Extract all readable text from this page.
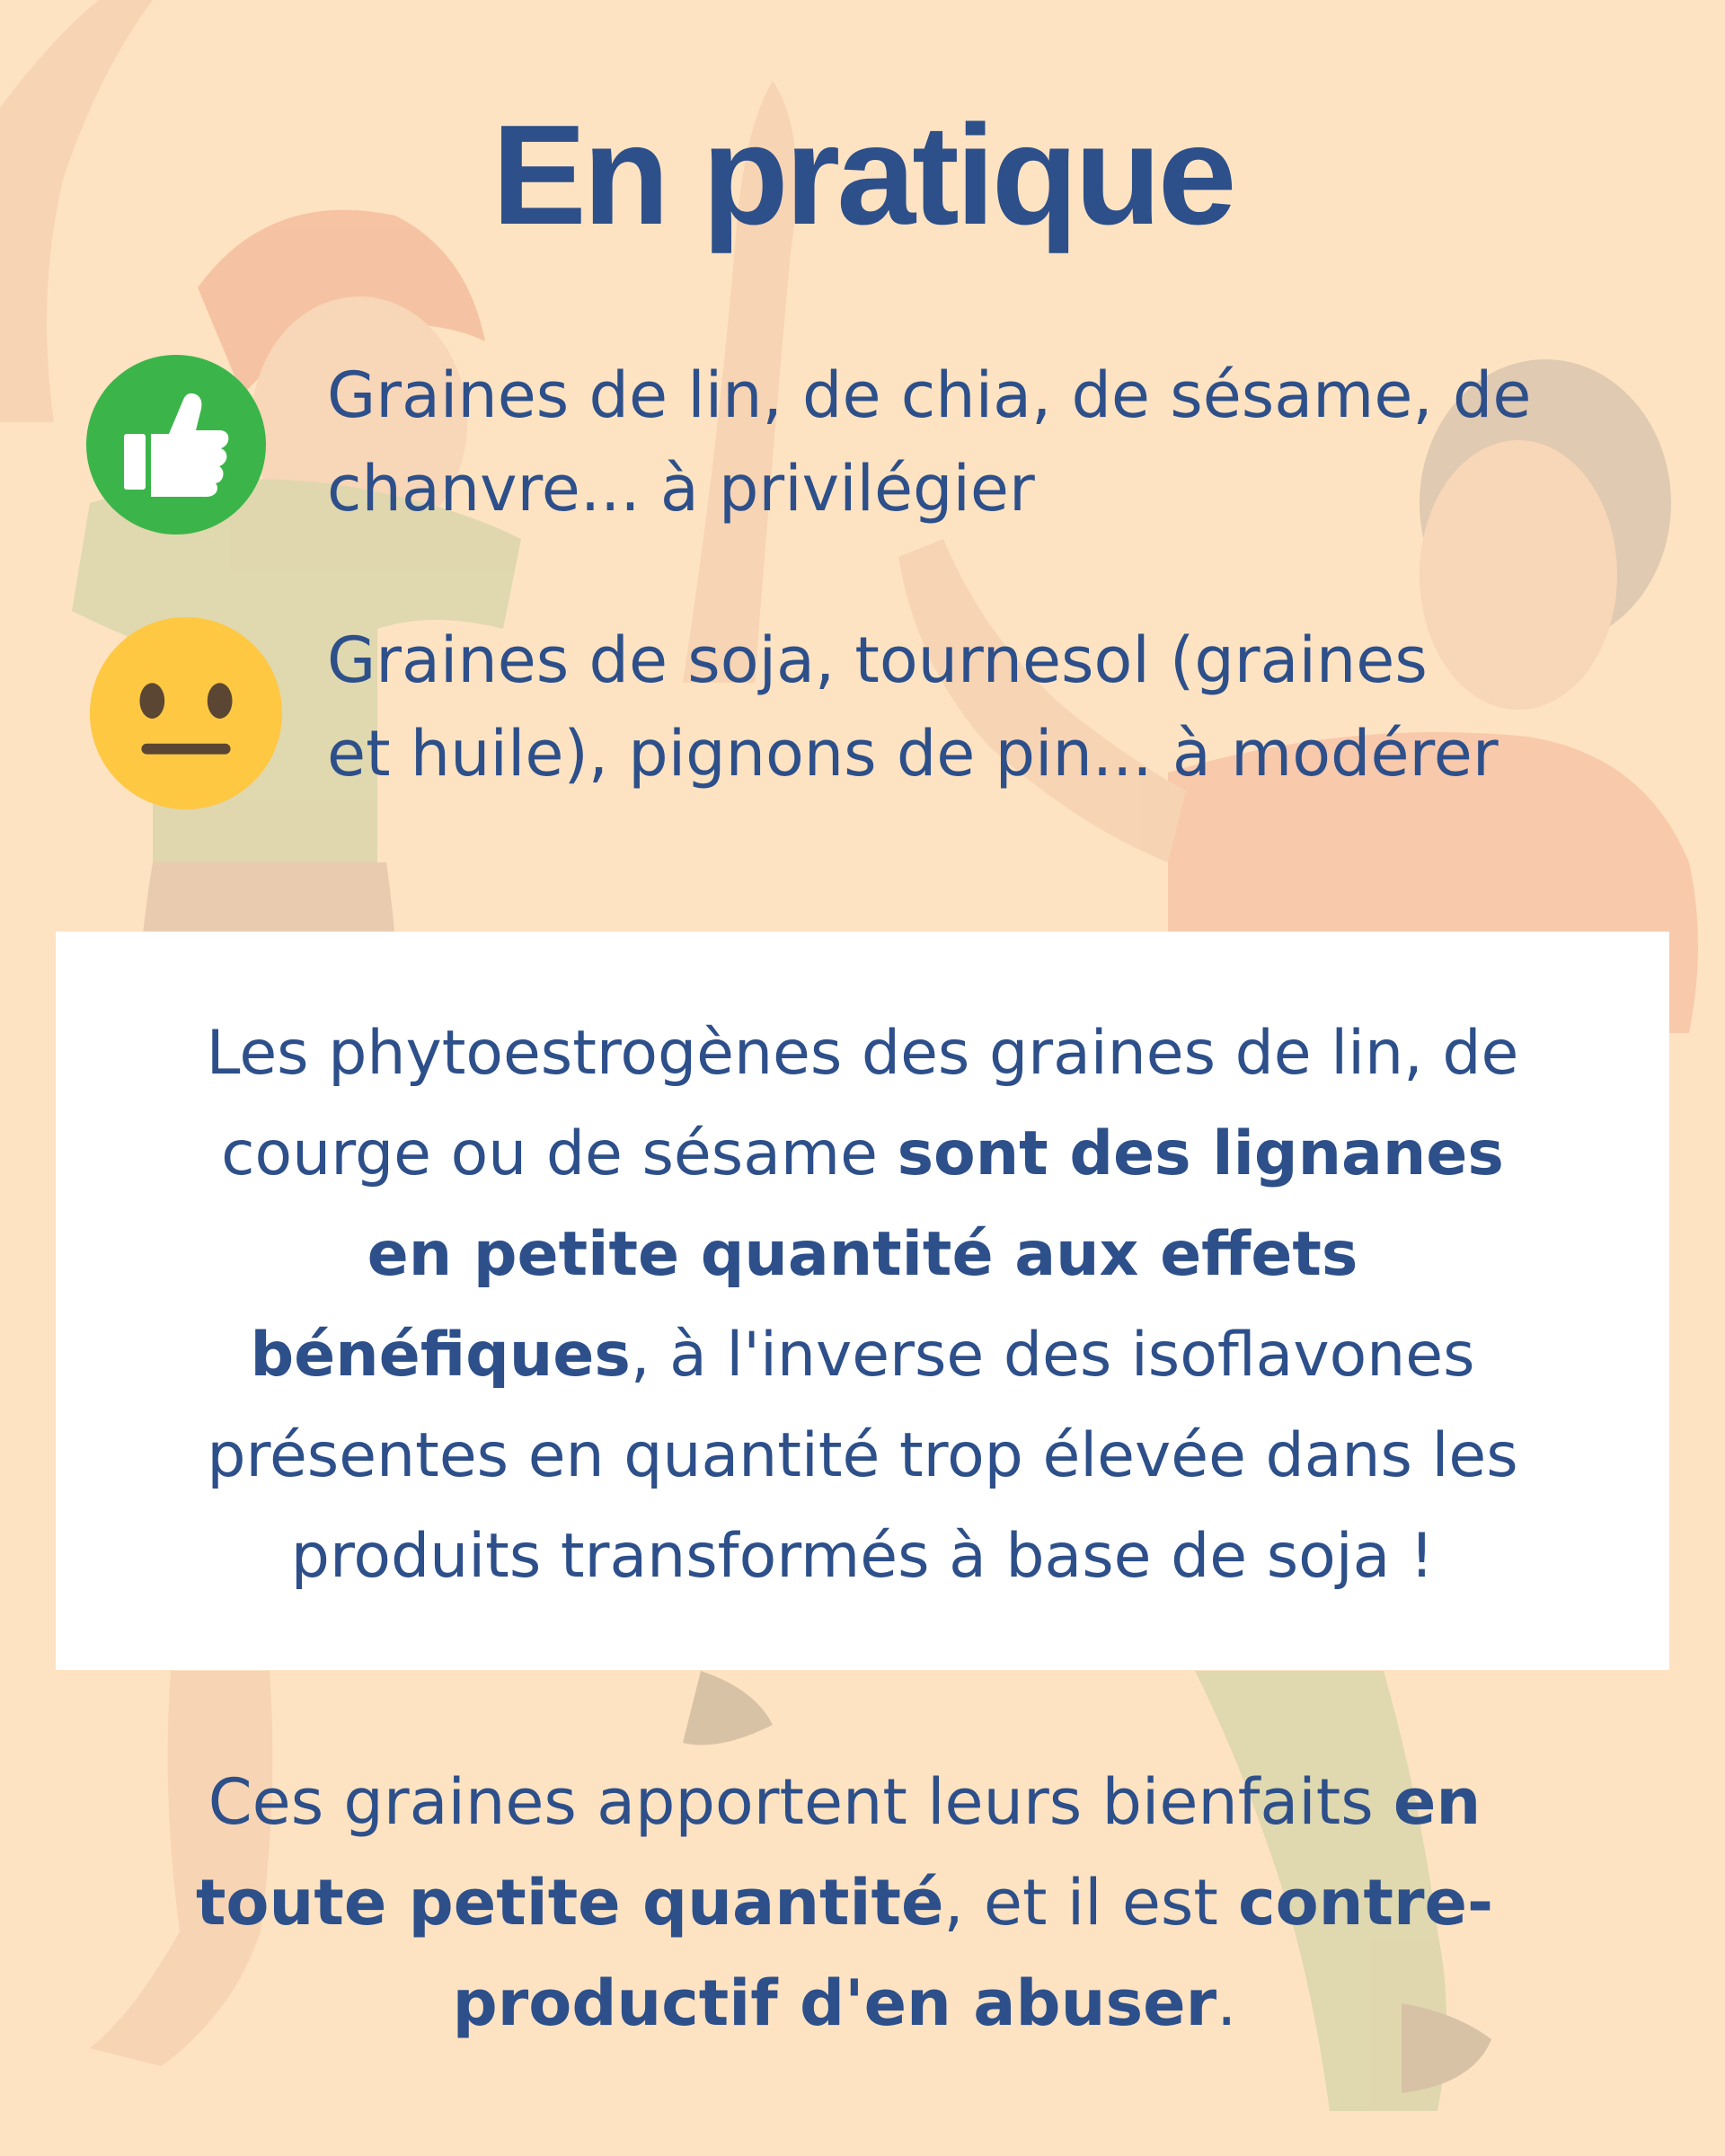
En pratique

Graines de lin, de chia, de sésame, de
chanvre... à privilégier

Graines de soja, tournesol (graines
et huile), pignons de pin... à modérer

Les phytoestrogènes des graines de lin, de
courge ou de sésame sont des lignanes
en petite quantité aux effets
bénéfiques, à l'inverse des isoflavones
présentes en quantité trop élevée dans les
produits transformés à base de soja !

Ces graines apportent leurs bienfaits en
toute petite quantité, et il est contre-
productif d'en abuser.
